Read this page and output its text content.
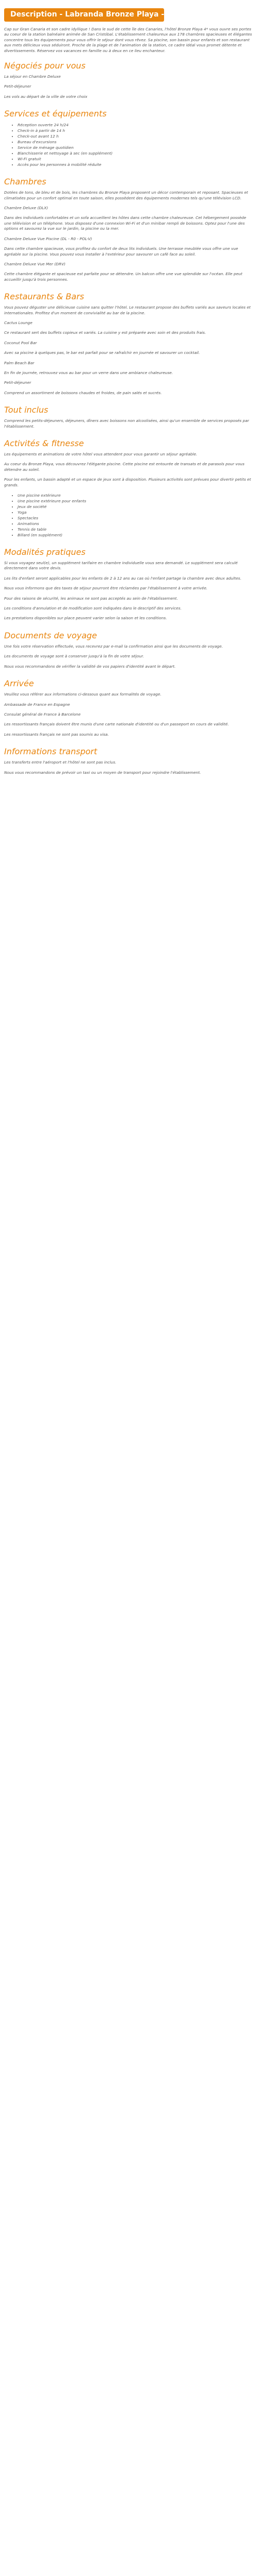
Description - Labranda Bronze Playa - 4*

Cap sur Gran Canaria et son cadre idyllique ! Dans le sud de cette île des Canaries, l'hôtel Bronze Playa 4* vous ouvre ses portes au coeur de la station balnéaire animée de San Cristóbal. L'établissement chaleureux aux 178 chambres spacieuses et élégantes concentre tous les équipements pour vous offrir le séjour dont vous rêvez. Sa piscine, son bassin pour enfants et son restaurant aux mets délicieux vous séduiront. Proche de la plage et de l'animation de la station, ce cadre idéal vous promet détente et divertissements. Réservez vos vacances en famille ou à deux en ce lieu enchanteur.

Négociés pour vous

La séjour en Chambre Deluxe

Petit-déjeuner

Les vols au départ de la ville de votre choix

Services et équipements
• Réception ouverte 24 h/24
• Check-in à partir de 14 h
• Check-out avant 12 h
• Bureau d'excursions
• Service de ménage quotidien
• Blanchisserie et nettoyage à sec (en supplément)
• Wi-Fi gratuit
• Accès pour les personnes à mobilité réduite
Chambres

Dotées de tons, de bleu et de bois, les chambres du Bronze Playa proposent un décor contemporain et reposant. Spacieuses et climatisées pour un confort optimal en toute saison, elles possèdent des équipements modernes tels qu'une télévision LCD.

Chambre Deluxe (DLX)

Dans des individuels confortables et un sofa accueillent les hôtes dans cette chambre chaleureuse. Cet hébergement possède une télévision et un téléphone. Vous disposez d'une connexion Wi-Fi et d'un minibar rempli de boissons. Optez pour l'une des options et savourez la vue sur le jardin, la piscine ou la mer.

Chambre Deluxe Vue Piscine (DL - R0 - POL-V)

Dans cette chambre spacieuse, vous profitez du confort de deux lits individuels. Une terrasse meublée vous offre une vue agréable sur la piscine. Vous pouvez vous installer à l'extérieur pour savourer un café face au soleil.

Chambre Deluxe Vue Mer (DRV)

Cette chambre élégante et spacieuse est parfaite pour se détendre. Un balcon offre une vue splendide sur l'océan. Elle peut accueillir jusqu'à trois personnes.

Restaurants & Bars

Vous pouvez déguster une délicieuse cuisine sans quitter l'hôtel. Le restaurant propose des buffets variés aux saveurs locales et internationales. Profitez d'un moment de convivialité au bar de la piscine.

Cactus Lounge

Ce restaurant sert des buffets copieux et variés. La cuisine y est préparée avec soin et des produits frais.

Coconut Pool Bar

Avec sa piscine à quelques pas, le bar est parfait pour se rafraîchir en journée et savourer un cocktail.

Palm Beach Bar

En fin de journée, retrouvez vous au bar pour un verre dans une ambiance chaleureuse.

Petit-déjeuner

Comprend un assortiment de boissons chaudes et froides, de pain salés et sucrés.

Tout inclus

Comprend les petits-déjeuners, déjeuners, dîners avec boissons non alcoolisées, ainsi qu'un ensemble de services proposés par l'établissement.

Activités & fitnesse

Les équipements et animations de votre hôtel vous attendent pour vous garantir un séjour agréable.

Au coeur du Bronze Playa, vous découvrez l'élégante piscine. Cette piscine est entourée de transats et de parasols pour vous détendre au soleil.

Pour les enfants, un bassin adapté et un espace de jeux sont à disposition. Plusieurs activités sont prévues pour divertir petits et grands.

• Une piscine extérieure
• Une piscine extérieure pour enfants
• Jeux de société
• Yoga
• Spectacles
• Animations
• Tennis de table
• Billard (en supplément)
Modalités pratiques

Si vous voyagez seul(e), un supplément tarifaire en chambre individuelle vous sera demandé. Le supplément sera calculé directement dans votre devis.

Les lits d'enfant seront applicables pour les enfants de 2 à 12 ans au cas où l'enfant partage la chambre avec deux adultes.

Nous vous informons que des taxes de séjour pourront être réclamées par l'établissement à votre arrivée.

Pour des raisons de sécurité, les animaux ne sont pas acceptés au sein de l'établissement.

Les conditions d'annulation et de modification sont indiquées dans le descriptif des services.

Les prestations disponibles sur place peuvent varier selon la saison et les conditions.

Documents de voyage

Une fois votre réservation effectuée, vous recevrez par e-mail la confirmation ainsi que les documents de voyage.

Les documents de voyage sont à conserver jusqu'à la fin de votre séjour.

Nous vous recommandons de vérifier la validité de vos papiers d'identité avant le départ.

Arrivée

Veuillez vous référer aux informations ci-dessous quant aux formalités de voyage.

Ambassade de France en Espagne

Consulat général de France à Barcelone

Les ressortissants français doivent être munis d'une carte nationale d'identité ou d'un passeport en cours de validité.

Les ressortissants français ne sont pas soumis au visa.

Informations transport

Les transferts entre l'aéroport et l'hôtel ne sont pas inclus.

Nous vous recommandons de prévoir un taxi ou un moyen de transport pour rejoindre l'établissement.
